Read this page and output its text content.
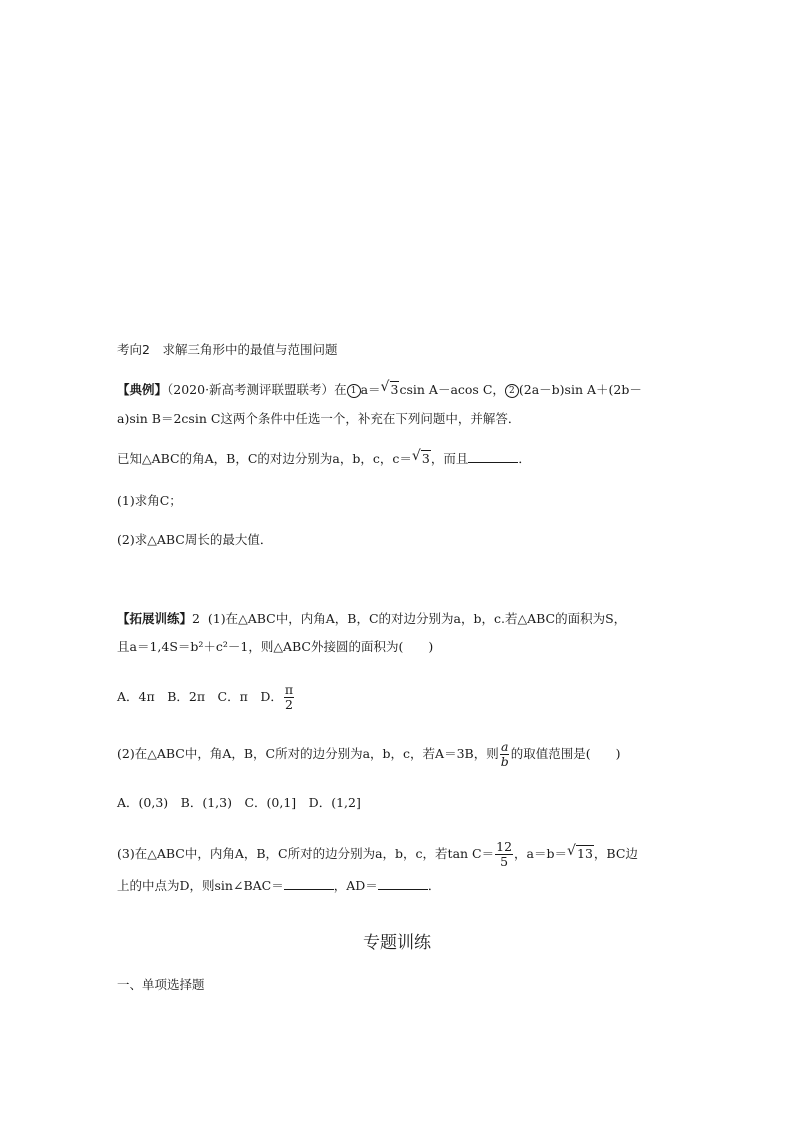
考向2　求解三角形中的最值与范围问题
【典例】（2020·新高考测评联盟联考）在 1 a＝ √ 3csin A－acos C， 2 (2a－b)sin A＋(2b－
a)sin B＝2csin C这两个条件中任选一个，补充在下列问题中，并解答．
已知△ABC的角A，B，C的对边分别为a，b，c，c＝ √ 3，而且	．
(1)求角C；
(2)求△ABC周长的最大值．
【拓展训练】2 (1)在△ABC中，内角A，B，C的对边分别为a，b，c.若△ABC的面积为S，
且a＝1,4S＝b²＋c²－1，则△ABC外接圆的面积为(　　)
A．4π　B．2π　C．π　D． $\frac{\pi}{2}$
(2)在△ABC中，角A，B，C所对的边分别为a，b，c，若A＝3B，则 $\frac{a}{b}$ 的取值范围是(　　)
A．(0,3)　B．(1,3)　C．(0,1]　D．(1,2]
(3)在△ABC中，内角A，B，C所对的边分别为a，b，c，若$\tan C= \frac{12}{5}$ ，a＝b＝ √ 13，BC边
上的中点为D，则sin∠BAC＝	，AD＝	．
专题训练
一、单项选择题
